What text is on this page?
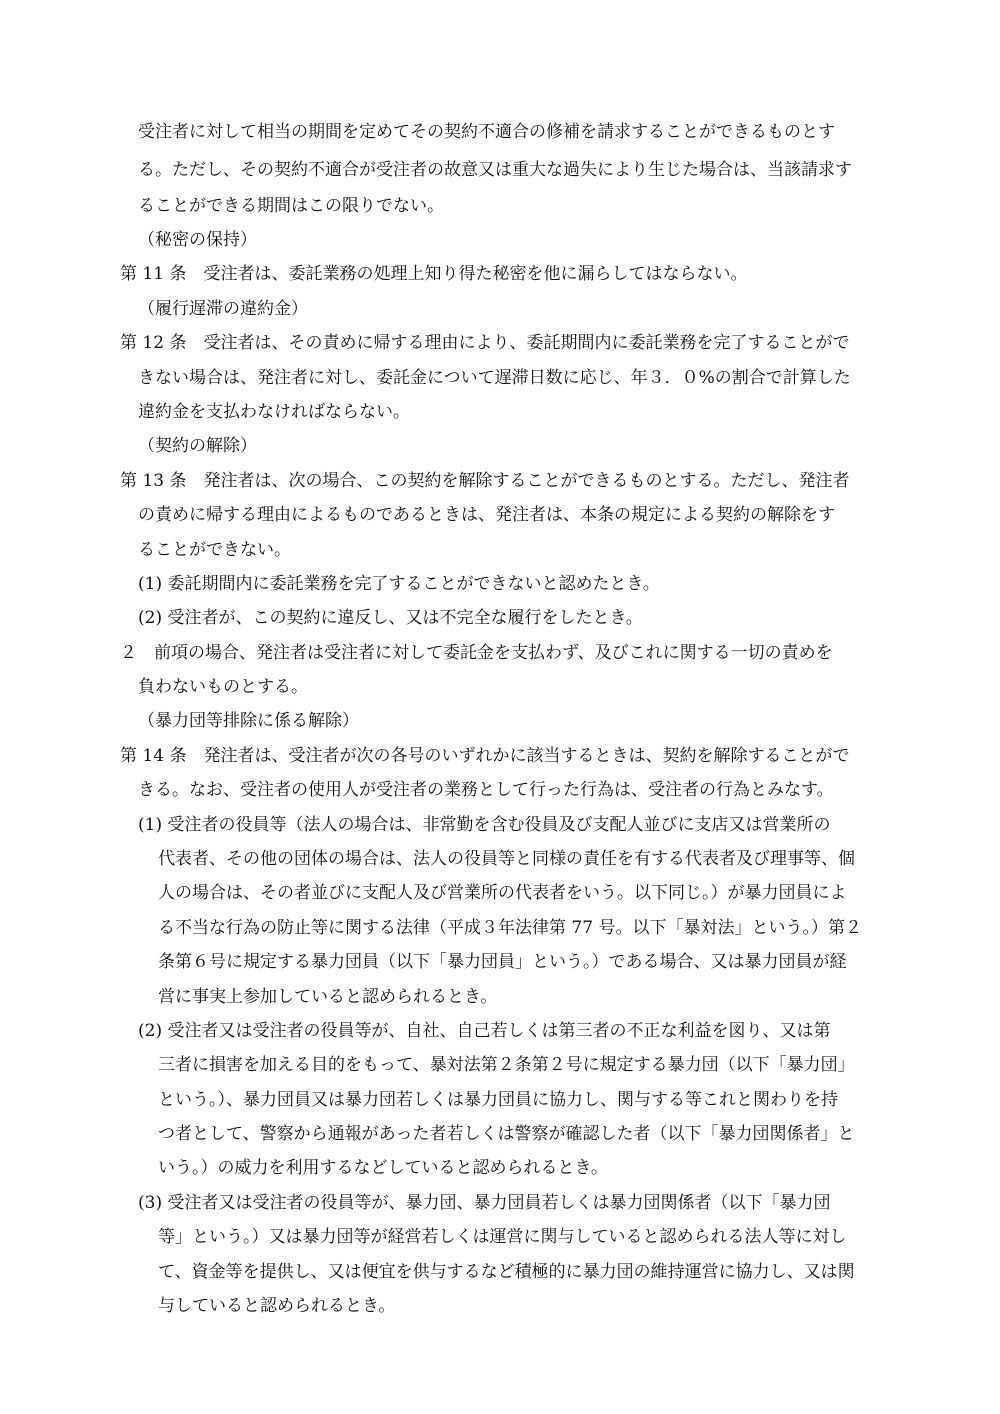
受注者に対して相当の期間を定めてその契約不適合の修補を請求することができるものとす
る。ただし、その契約不適合が受注者の故意又は重大な過失により生じた場合は、当該請求す
ることができる期間はこの限りでない。
（秘密の保持）
第 11 条　受注者は、委託業務の処理上知り得た秘密を他に漏らしてはならない。
（履行遅滞の違約金）
第 12 条　受注者は、その責めに帰する理由により、委託期間内に委託業務を完了することがで
きない場合は、発注者に対し、委託金について遅滞日数に応じ、年３．０%の割合で計算した
違約金を支払わなければならない。
（契約の解除）
第 13 条　発注者は、次の場合、この契約を解除することができるものとする。ただし、発注者
の責めに帰する理由によるものであるときは、発注者は、本条の規定による契約の解除をす
ることができない。
(1) 委託期間内に委託業務を完了することができないと認めたとき。
(2) 受注者が、この契約に違反し、又は不完全な履行をしたとき。
２　前項の場合、発注者は受注者に対して委託金を支払わず、及びこれに関する一切の責めを
負わないものとする。
（暴力団等排除に係る解除）
第 14 条　発注者は、受注者が次の各号のいずれかに該当するときは、契約を解除することがで
きる。なお、受注者の使用人が受注者の業務として行った行為は、受注者の行為とみなす。
(1) 受注者の役員等（法人の場合は、非常勤を含む役員及び支配人並びに支店又は営業所の
代表者、その他の団体の場合は、法人の役員等と同様の責任を有する代表者及び理事等、個
人の場合は、その者並びに支配人及び営業所の代表者をいう。以下同じ。）が暴力団員によ
る不当な行為の防止等に関する法律（平成３年法律第 77 号。以下「暴対法」という。）第２
条第６号に規定する暴力団員（以下「暴力団員」という。）である場合、又は暴力団員が経
営に事実上参加していると認められるとき。
(2) 受注者又は受注者の役員等が、自社、自己若しくは第三者の不正な利益を図り、又は第
三者に損害を加える目的をもって、暴対法第２条第２号に規定する暴力団（以下「暴力団」
という。）、暴力団員又は暴力団若しくは暴力団員に協力し、関与する等これと関わりを持
つ者として、警察から通報があった者若しくは警察が確認した者（以下「暴力団関係者」と
いう。）の威力を利用するなどしていると認められるとき。
(3) 受注者又は受注者の役員等が、暴力団、暴力団員若しくは暴力団関係者（以下「暴力団
等」という。）又は暴力団等が経営若しくは運営に関与していると認められる法人等に対し
て、資金等を提供し、又は便宜を供与するなど積極的に暴力団の維持運営に協力し、又は関
与していると認められるとき。
